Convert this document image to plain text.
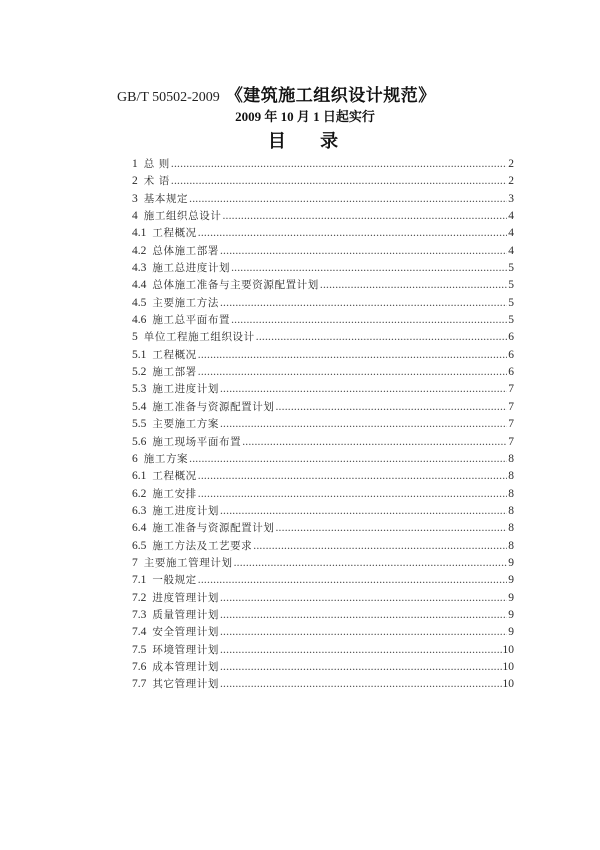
GB/T 50502-2009 《建筑施工组织设计规范》
2009 年 10 月 1 日起实行
目 录
1 总 则 .....	2
2 术 语 .....	2
3 基本规定 .....	3
4 施工组织总设计 .....	4
4.1 工程概况 .....	4
4.2 总体施工部署 .....	4
4.3 施工总进度计划 .....	5
4.4 总体施工准备与主要资源配置计划 .....	5
4.5 主要施工方法 .....	5
4.6 施工总平面布置 .....	5
5 单位工程施工组织设计 .....	6
5.1 工程概况 .....	6
5.2 施工部署 .....	6
5.3 施工进度计划 .....	7
5.4 施工准备与资源配置计划 .....	7
5.5 主要施工方案 .....	7
5.6 施工现场平面布置 .....	7
6 施工方案 .....	8
6.1 工程概况 .....	8
6.2 施工安排 .....	8
6.3 施工进度计划 .....	8
6.4 施工准备与资源配置计划 .....	8
6.5 施工方法及工艺要求 .....	8
7 主要施工管理计划 .....	9
7.1 一般规定 .....	9
7.2 进度管理计划 .....	9
7.3 质量管理计划 .....	9
7.4 安全管理计划 .....	9
7.5 环境管理计划 .....	10
7.6 成本管理计划 .....	10
7.7 其它管理计划 .....	10
